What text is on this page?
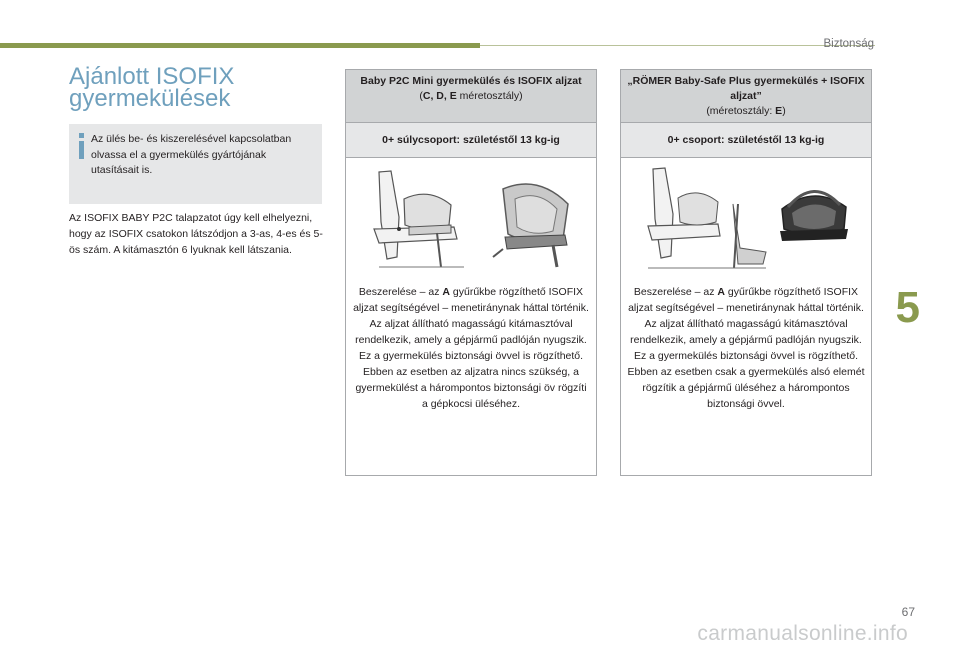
Biztonság
Ajánlott ISOFIX gyermekülések
Az ülés be- és kiszerelésével kapcsolatban olvassa el a gyermekülés gyártójának utasításait is.
Az ISOFIX BABY P2C talapzatot úgy kell elhelyezni, hogy az ISOFIX csatokon látszódjon a 3-as, 4-es és 5-ös szám. A kitámasztón 6 lyuknak kell látszania.
Baby P2C Mini gyermekülés és ISOFIX aljzat
(C, D, E méretosztály)
0+ súlycsoport: születéstől 13 kg-ig
Beszerelése – az A gyűrűkbe rögzíthető ISOFIX aljzat segítségével – menetiránynak háttal történik.
Az aljzat állítható magasságú kitámasztóval rendelkezik, amely a gépjármű padlóján nyugszik.
Ez a gyermekülés biztonsági övvel is rögzíthető.
Ebben az esetben az aljzatra nincs szükség, a gyermekülést a hárompontos biztonsági öv rögzíti a gépkocsi üléséhez.
„RÖMER Baby-Safe Plus gyermekülés + ISOFIX aljzat”
(méretosztály: E)
0+ csoport: születéstől 13 kg-ig
Beszerelése – az A gyűrűkbe rögzíthető ISOFIX aljzat segítségével – menetiránynak háttal történik.
Az aljzat állítható magasságú kitámasztóval rendelkezik, amely a gépjármű padlóján nyugszik.
Ez a gyermekülés biztonsági övvel is rögzíthető. Ebben az esetben csak a gyermekülés alsó elemét rögzítik a gépjármű üléséhez a hárompontos biztonsági övvel.
5
67
carmanualsonline.info
